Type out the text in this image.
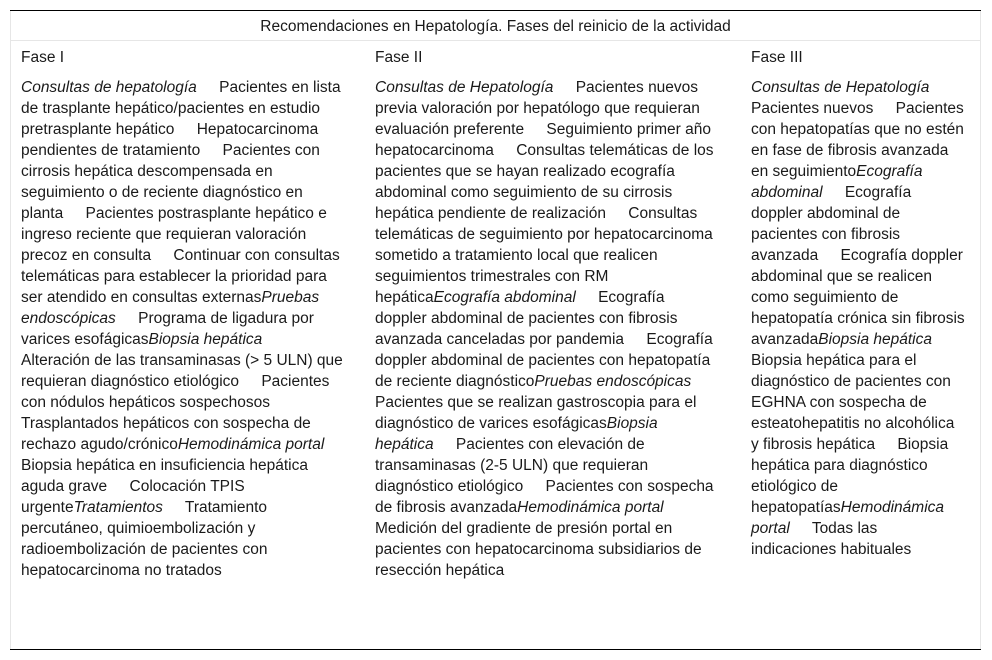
Recomendaciones en Hepatología. Fases del reinicio de la actividad
Fase I

Consultas de hepatología Pacientes en lista de trasplante hepático/pacientes en estudio pretrasplante hepático Hepatocarcinoma pendientes de tratamiento Pacientes con cirrosis hepática descompensada en seguimiento o de reciente diagnóstico en planta Pacientes postrasplante hepático e ingreso reciente que requieran valoración precoz en consulta Continuar con consultas telemáticas para establecer la prioridad para ser atendido en consultas externasPruebas endoscópicas Programa de ligadura por varices esofágicasBiopsia hepática Alteración de las transaminasas (> 5 ULN) que requieran diagnóstico etiológico Pacientes con nódulos hepáticos sospechosos Trasplantados hepáticos con sospecha de rechazo agudo/crónicoHemodinámica portal Biopsia hepática en insuficiencia hepática aguda grave Colocación TPIS urgenteTratamientos Tratamiento percutáneo, quimioembolización y radioembolización de pacientes con hepatocarcinoma no tratados

Fase II

Consultas de Hepatología Pacientes nuevos previa valoración por hepatólogo que requieran evaluación preferente Seguimiento primer año hepatocarcinoma Consultas telemáticas de los pacientes que se hayan realizado ecografía abdominal como seguimiento de su cirrosis hepática pendiente de realización Consultas telemáticas de seguimiento por hepatocarcinoma sometido a tratamiento local que realicen seguimientos trimestrales con RM hepáticaEcografía abdominal Ecografía doppler abdominal de pacientes con fibrosis avanzada canceladas por pandemia Ecografía doppler abdominal de pacientes con hepatopatía de reciente diagnósticoPruebas endoscópicas Pacientes que se realizan gastroscopia para el diagnóstico de varices esofágicasBiopsia hepática Pacientes con elevación de transaminasas (2-5 ULN) que requieran diagnóstico etiológico Pacientes con sospecha de fibrosis avanzadaHemodinámica portal Medición del gradiente de presión portal en pacientes con hepatocarcinoma subsidiarios de resección hepática

Fase III

Consultas de Hepatología Pacientes nuevos Pacientes con hepatopatías que no estén en fase de fibrosis avanzada en seguimientoEcografía abdominal Ecografía doppler abdominal de pacientes con fibrosis avanzada Ecografía doppler abdominal que se realicen como seguimiento de hepatopatía crónica sin fibrosis avanzadaBiopsia hepática Biopsia hepática para el diagnóstico de pacientes con EGHNA con sospecha de esteatohepatitis no alcohólica y fibrosis hepática Biopsia hepática para diagnóstico etiológico de hepatopatíasHemodinámica portal Todas las indicaciones habituales
